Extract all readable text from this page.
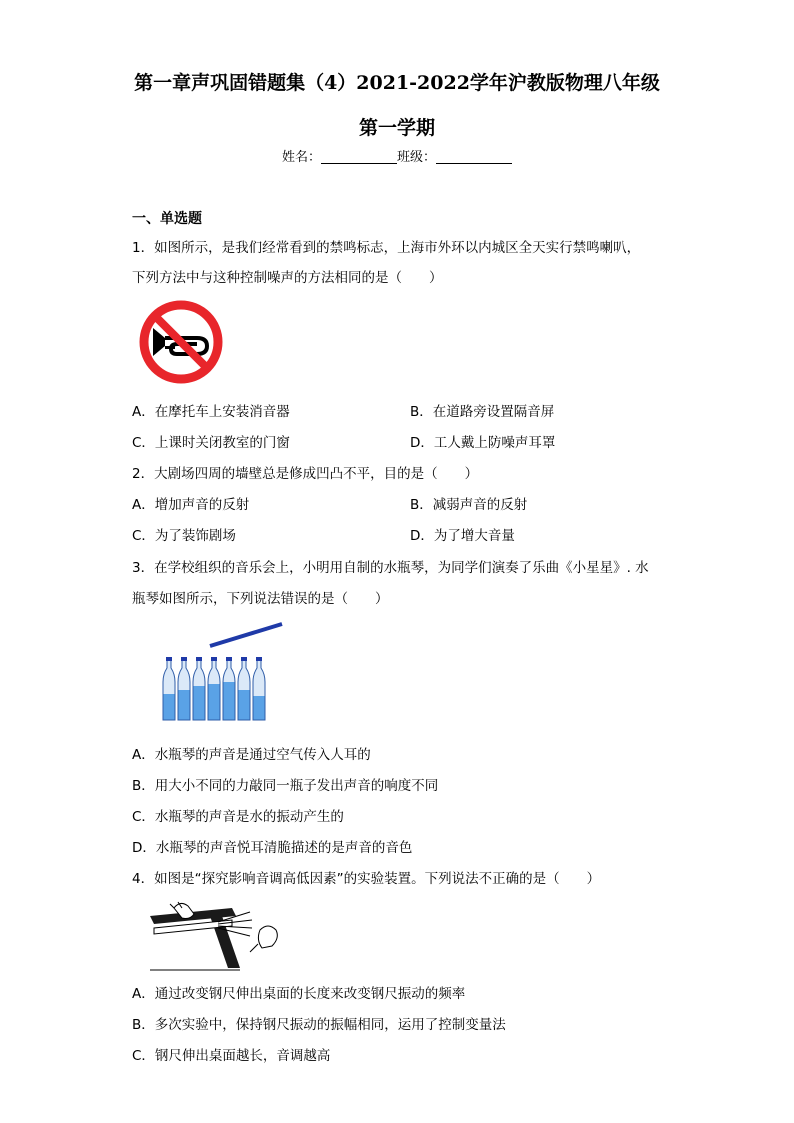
第一章声巩固错题集（4）2021-2022学年沪教版物理八年级
第一学期
姓名：	班级：
一、单选题
1．如图所示，是我们经常看到的禁鸣标志，上海市外环以内城区全天实行禁鸣喇叭，
下列方法中与这种控制噪声的方法相同的是（　　）
A．在摩托车上安装消音器	B．在道路旁设置隔音屏
C．上课时关闭教室的门窗	D．工人戴上防噪声耳罩
2．大剧场四周的墙壁总是修成凹凸不平，目的是（　　）
A．增加声音的反射	B．减弱声音的反射
C．为了装饰剧场	D．为了增大音量
3．在学校组织的音乐会上，小明用自制的水瓶琴，为同学们演奏了乐曲《小星星》. 水
瓶琴如图所示，下列说法错误的是（　　）
A．水瓶琴的声音是通过空气传入人耳的
B．用大小不同的力敲同一瓶子发出声音的响度不同
C．水瓶琴的声音是水的振动产生的
D．水瓶琴的声音悦耳清脆描述的是声音的音色
4．如图是“探究影响音调高低因素”的实验装置。下列说法不正确的是（　　）
A．通过改变钢尺伸出桌面的长度来改变钢尺振动的频率
B．多次实验中，保持钢尺振动的振幅相同，运用了控制变量法
C．钢尺伸出桌面越长，音调越高
